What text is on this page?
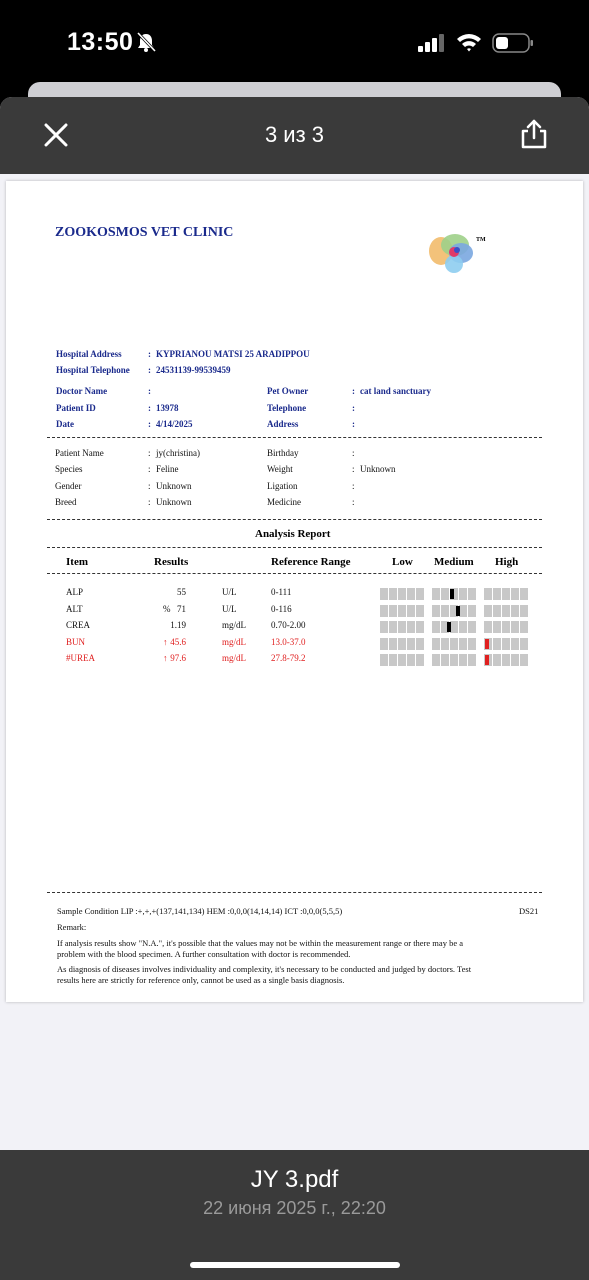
13:50
3 из 3
ZOOKOSMOS VET CLINIC	TM
Hospital Address	: KYPRIANOU MATSI 25 ARADIPPOU
Hospital Telephone : 24531139-99539459
Doctor Name	:
Patient ID	: 13978
Date	: 4/14/2025
Pet Owner	: cat land sanctuary
Telephone	:
Address	:
Patient Name	: jy(christina)
Species	: Feline
Gender	: Unknown
Breed	: Unknown
Birthday	:
Weight	: Unknown
Ligation	:
Medicine	:
Analysis Report
Item	Results	Reference Range	Low Medium High
ALP	55	U/L	0-111
ALT	% 71	U/L	0-116
CREA	1.19	mg/dL	0.70-2.00
BUN	↑ 45.6	mg/dL	13.0-37.0
#UREA	↑ 97.6	mg/dL	27.8-79.2
Sample Condition LIP :+,+,+(137,141,134) HEM :0,0,0(14,14,14) ICT :0,0,0(5,5,5)	DS21
Remark:
If analysis results show "N.A.", it's possible that the values may not be within the measurement range or there may be a
problem with the blood specimen. A further consultation with doctor is recommended.
As diagnosis of diseases involves individuality and complexity, it's necessary to be conducted and judged by doctors. Test
results here are strictly for reference only, cannot be used as a single basis diagnosis.
JY 3.pdf
22 июня 2025 г., 22:20
